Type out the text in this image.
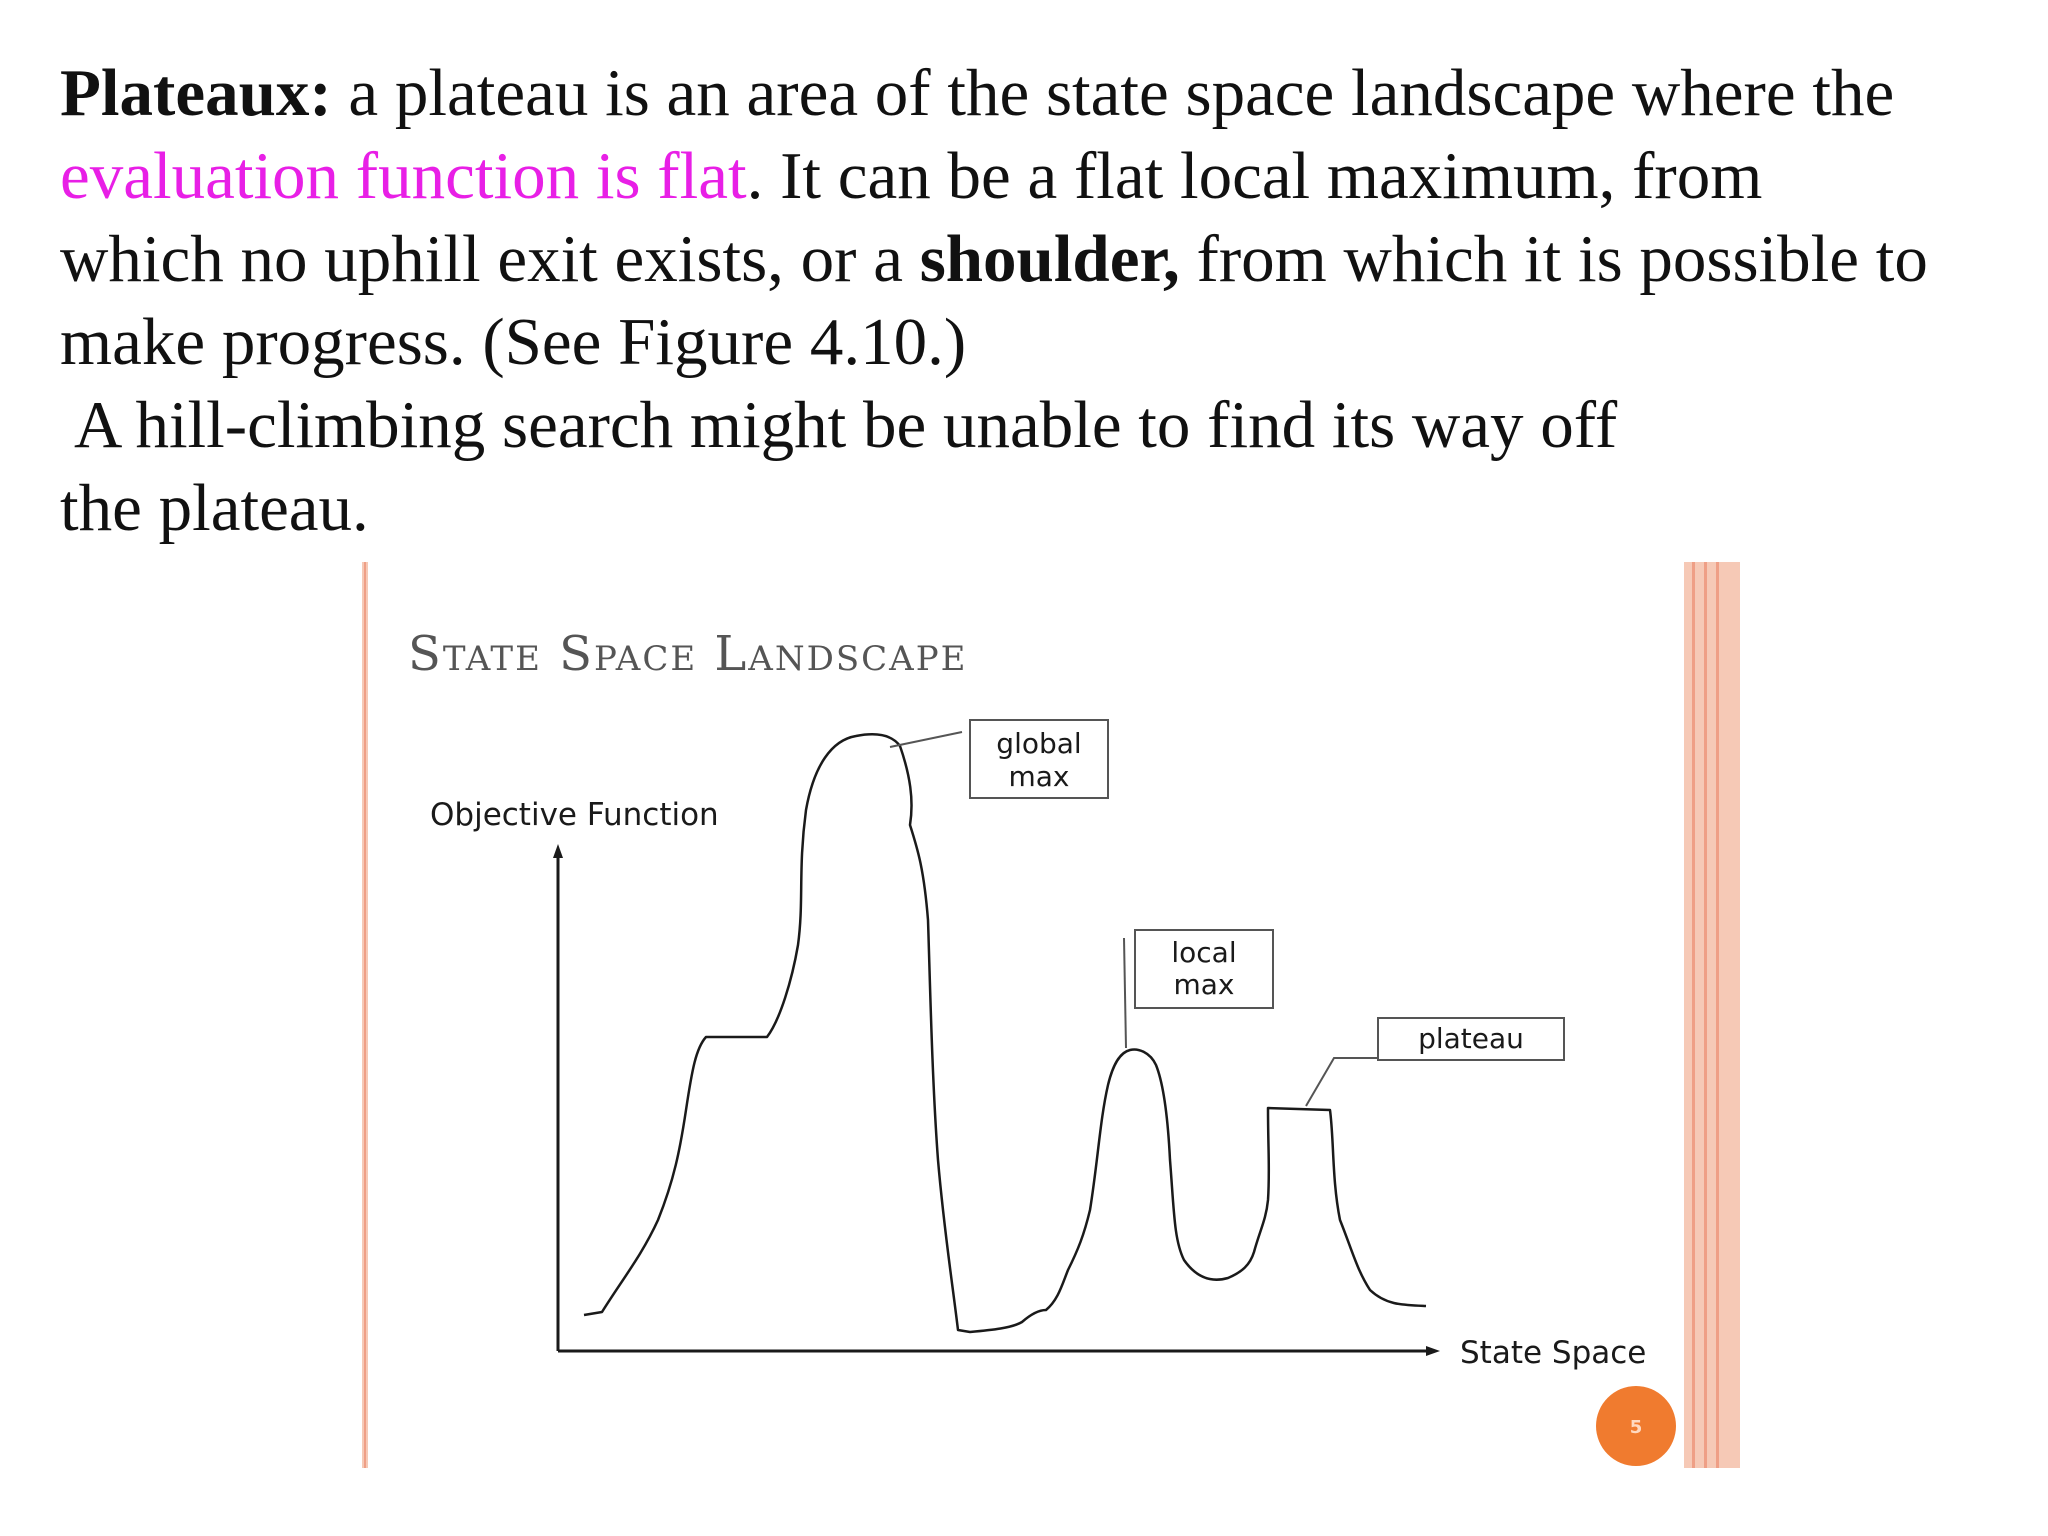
Plateaux: a plateau is an area of the state space landscape where the
evaluation function is flat. It can be a flat local maximum, from
which no uphill exit exists, or a shoulder, from which it is possible to
make progress. (See Figure 4.10.)
A hill-climbing search might be unable to find its way off
the plateau.

State Space Landscape
Objective Function
State Space
global
max
local
max
plateau
5
